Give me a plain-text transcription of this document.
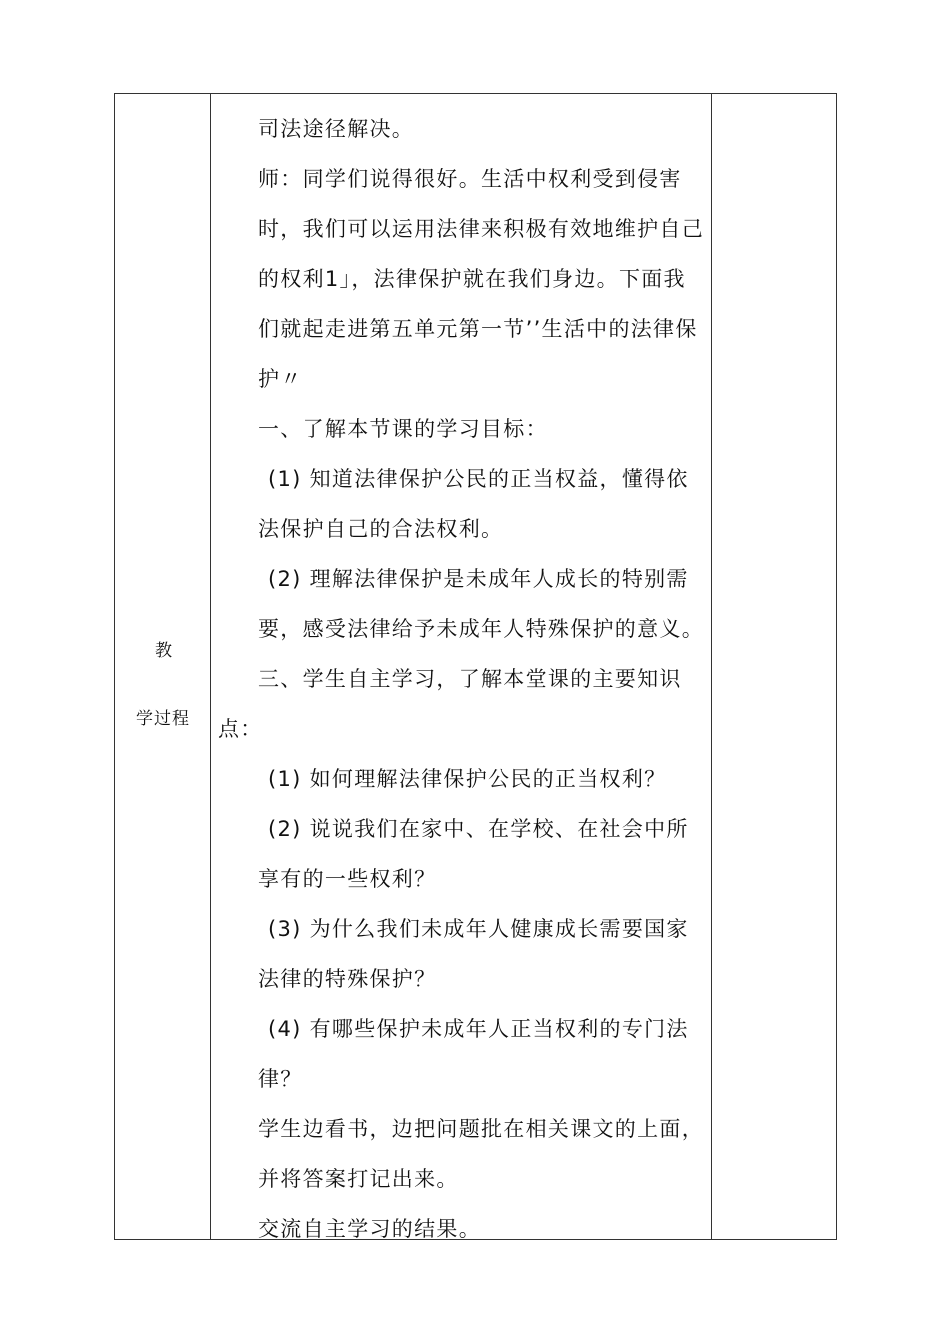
教
学过程
司法途径解决。
师：同学们说得很好。生活中权利受到侵害
时，我们可以运用法律来积极有效地维护自己
的权利1」，法律保护就在我们身边。下面我
们就起走进第五单元第一节’’生活中的法律保
护〃
一、了解本节课的学习目标：
(1) 知道法律保护公民的正当权益，懂得依
法保护自己的合法权利。
(2) 理解法律保护是未成年人成长的特别需
要，感受法律给予未成年人特殊保护的意义。
三、学生自主学习，了解本堂课的主要知识
点：
(1) 如何理解法律保护公民的正当权利？
(2) 说说我们在家中、在学校、在社会中所
享有的一些权利？
(3) 为什么我们未成年人健康成长需要国家
法律的特殊保护？
(4) 有哪些保护未成年人正当权利的专门法
律？
学生边看书，边把问题批在相关课文的上面，
并将答案打记出来。
交流自主学习的结果。
